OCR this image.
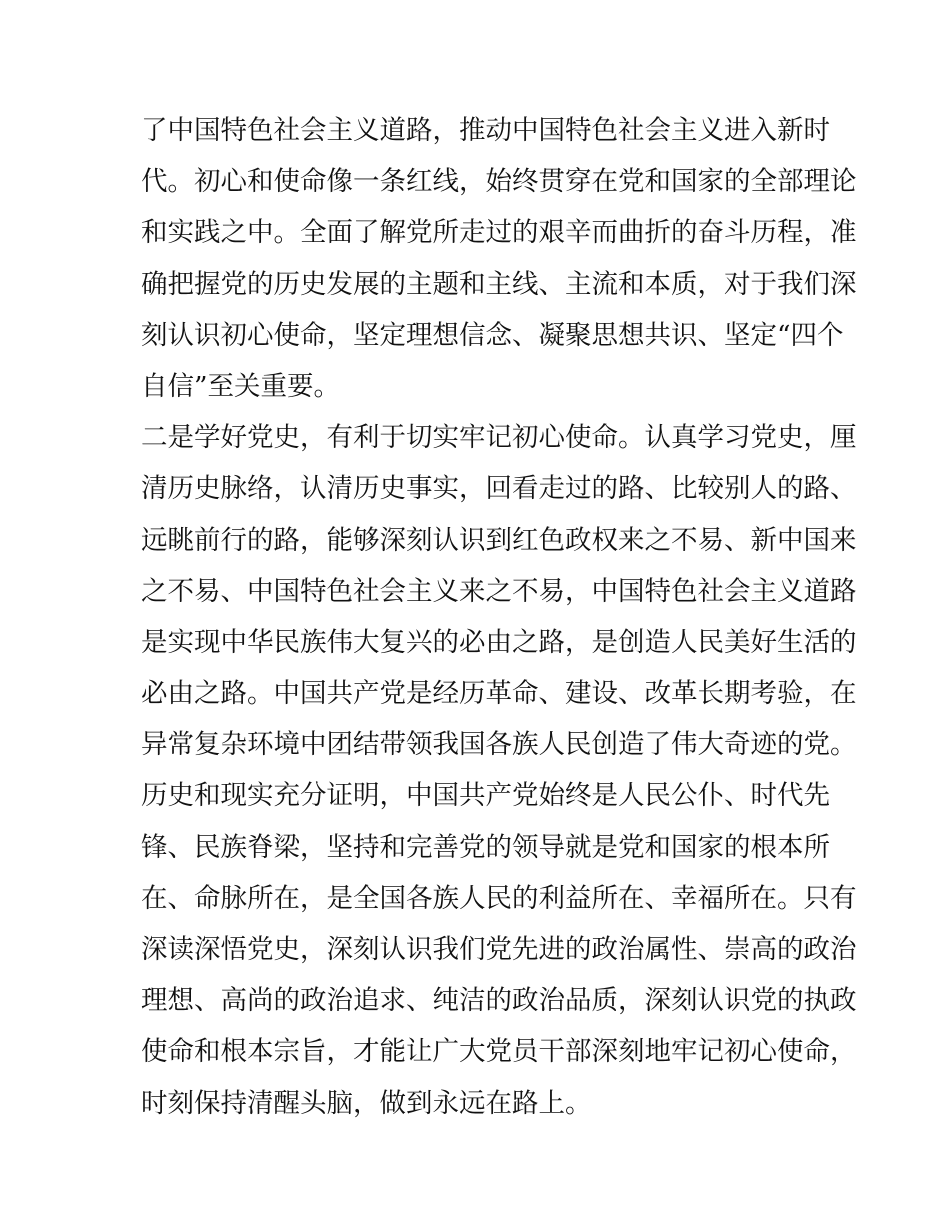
了中国特色社会主义道路，推动中国特色社会主义进入新时
代。初心和使命像一条红线，始终贯穿在党和国家的全部理论
和实践之中。全面了解党所走过的艰辛而曲折的奋斗历程，准
确把握党的历史发展的主题和主线、主流和本质，对于我们深
刻认识初心使命，坚定理想信念、凝聚思想共识、坚定“四个
自信”至关重要。
二是学好党史，有利于切实牢记初心使命。认真学习党史，厘
清历史脉络，认清历史事实，回看走过的路、比较别人的路、
远眺前行的路，能够深刻认识到红色政权来之不易、新中国来
之不易、中国特色社会主义来之不易，中国特色社会主义道路
是实现中华民族伟大复兴的必由之路，是创造人民美好生活的
必由之路。中国共产党是经历革命、建设、改革长期考验，在
异常复杂环境中团结带领我国各族人民创造了伟大奇迹的党。
历史和现实充分证明，中国共产党始终是人民公仆、时代先
锋、民族脊梁，坚持和完善党的领导就是党和国家的根本所
在、命脉所在，是全国各族人民的利益所在、幸福所在。只有
深读深悟党史，深刻认识我们党先进的政治属性、崇高的政治
理想、高尚的政治追求、纯洁的政治品质，深刻认识党的执政
使命和根本宗旨，才能让广大党员干部深刻地牢记初心使命，
时刻保持清醒头脑，做到永远在路上。
